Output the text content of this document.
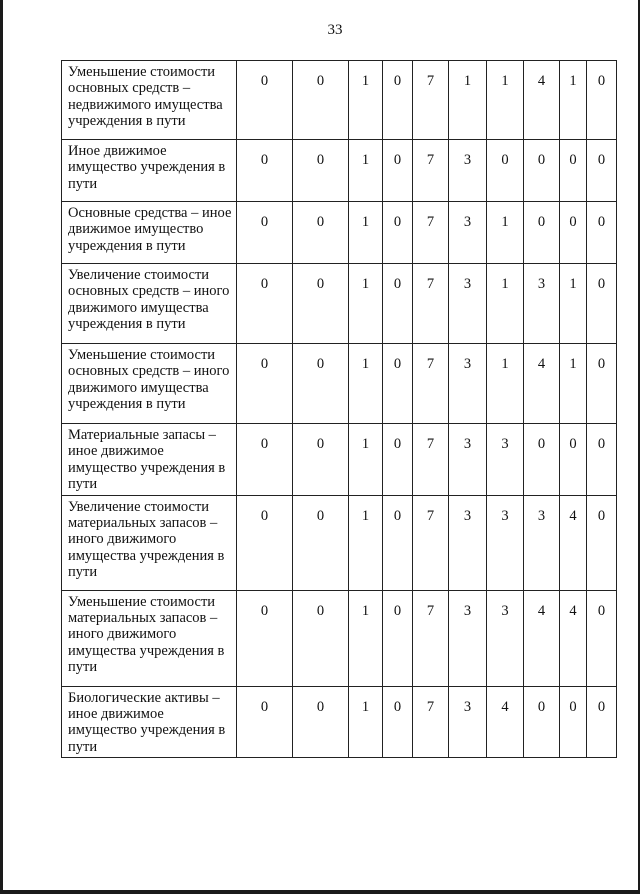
33
Уменьшение стоимости основных средств – недвижимого имущества учреждения в пути	0	0	1	0	7	1	1	4	1	0
Иное движимое имущество учреждения в пути	0	0	1	0	7	3	0	0	0	0
Основные средства – иное движимое имущество учреждения в пути	0	0	1	0	7	3	1	0	0	0
Увеличение стоимости основных средств – иного движимого имущества учреждения в пути	0	0	1	0	7	3	1	3	1	0
Уменьшение стоимости основных средств – иного движимого имущества учреждения в пути	0	0	1	0	7	3	1	4	1	0
Материальные запасы – иное движимое имущество учреждения в пути	0	0	1	0	7	3	3	0	0	0
Увеличение стоимости материальных запасов – иного движимого имущества учреждения в пути	0	0	1	0	7	3	3	3	4	0
Уменьшение стоимости материальных запасов – иного движимого имущества учреждения в пути	0	0	1	0	7	3	3	4	4	0
Биологические активы – иное движимое имущество учреждения в пути	0	0	1	0	7	3	4	0	0	0
